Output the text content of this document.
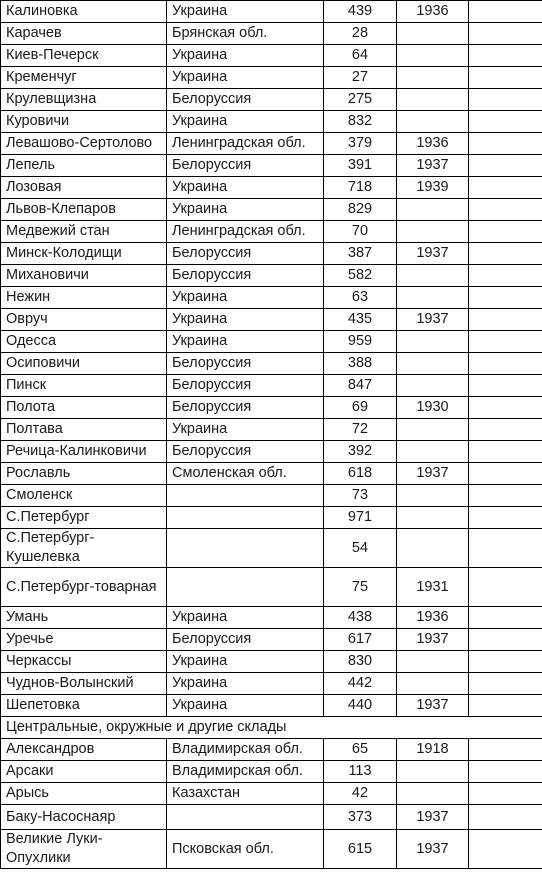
Калиновка	Украина	439	1936	
Карачев	Брянская обл.	28		
Киев-Печерск	Украина	64		
Кременчуг	Украина	27		
Крулевщизна	Белоруссия	275		
Куровичи	Украина	832		
Левашово-Сертолово	Ленинградская обл.	379	1936	
Лепель	Белоруссия	391	1937	
Лозовая	Украина	718	1939	
Львов-Клепаров	Украина	829		
Медвежий стан	Ленинградская обл.	70		
Минск-Колодищи	Белоруссия	387	1937	
Михановичи	Белоруссия	582		
Нежин	Украина	63		
Овруч	Украина	435	1937	
Одесса	Украина	959		
Осиповичи	Белоруссия	388		
Пинск	Белоруссия	847		
Полота	Белоруссия	69	1930	
Полтава	Украина	72		
Речица-Калинковичи	Белоруссия	392		
Рославль	Смоленская обл.	618	1937	
Смоленск		73		
С.Петербург		971		
С.Петербург-Кушелевка		54		
С.Петербург-товарная		75	1931	
Умань	Украина	438	1936	
Уречье	Белоруссия	617	1937	
Черкассы	Украина	830		
Чуднов-Волынский	Украина	442		
Шепетовка	Украина	440	1937	
Центральные, окружные и другие склады				
Александров	Владимирская обл.	65	1918	
Арсаки	Владимирская обл.	113		
Арысь	Казахстан	42		
Баку-Насоснаяр		373	1937	
Великие Луки-Опухлики	Псковская обл.	615	1937	
